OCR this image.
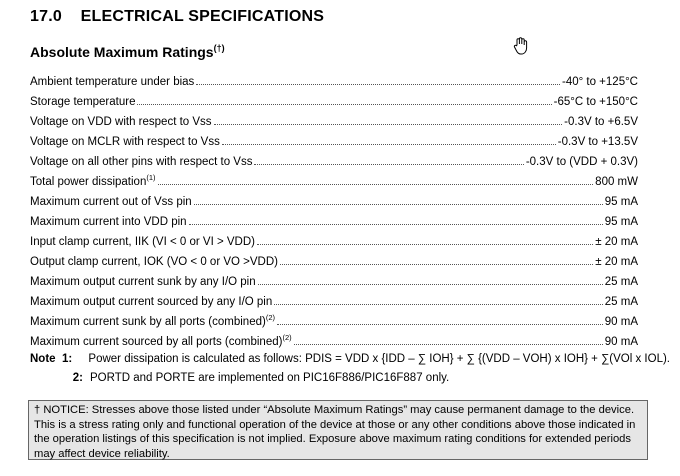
17.0 ELECTRICAL SPECIFICATIONS
Absolute Maximum Ratings(†)
Ambient temperature under bias	-40° to +125°C
Storage temperature	-65°C to +150°C
Voltage on VDD with respect to Vss	-0.3V to +6.5V
Voltage on MCLR with respect to Vss	-0.3V to +13.5V
Voltage on all other pins with respect to Vss	-0.3V to (VDD + 0.3V)
Total power dissipation$^{(1)}$	800 mW
Maximum current out of Vss pin	95 mA
Maximum current into VDD pin	95 mA
Input clamp current, IIK (VI < 0 or VI > VDD)	± 20 mA
Output clamp current, IOK (VO < 0 or VO >VDD)	± 20 mA
Maximum output current sunk by any I/O pin	25 mA
Maximum output current sourced by any I/O pin	25 mA
Maximum current sunk by all ports (combined)$^{(2)}$	90 mA
Maximum current sourced by all ports (combined)$^{(2)}$	90 mA
Note 1:	Power dissipation is calculated as follows: PDIS = VDD x {IDD – ∑ IOH} + ∑ {(VDD – VOH) x IOH} + ∑(VOl x IOL).
2: PORTD and PORTE are implemented on PIC16F886/PIC16F887 only.
† NOTICE: Stresses above those listed under “Absolute Maximum Ratings” may cause permanent damage to the device. This is a stress rating only and functional operation of the device at those or any other conditions above those indicated in the operation listings of this specification is not implied. Exposure above maximum rating conditions for extended periods may affect device reliability.
